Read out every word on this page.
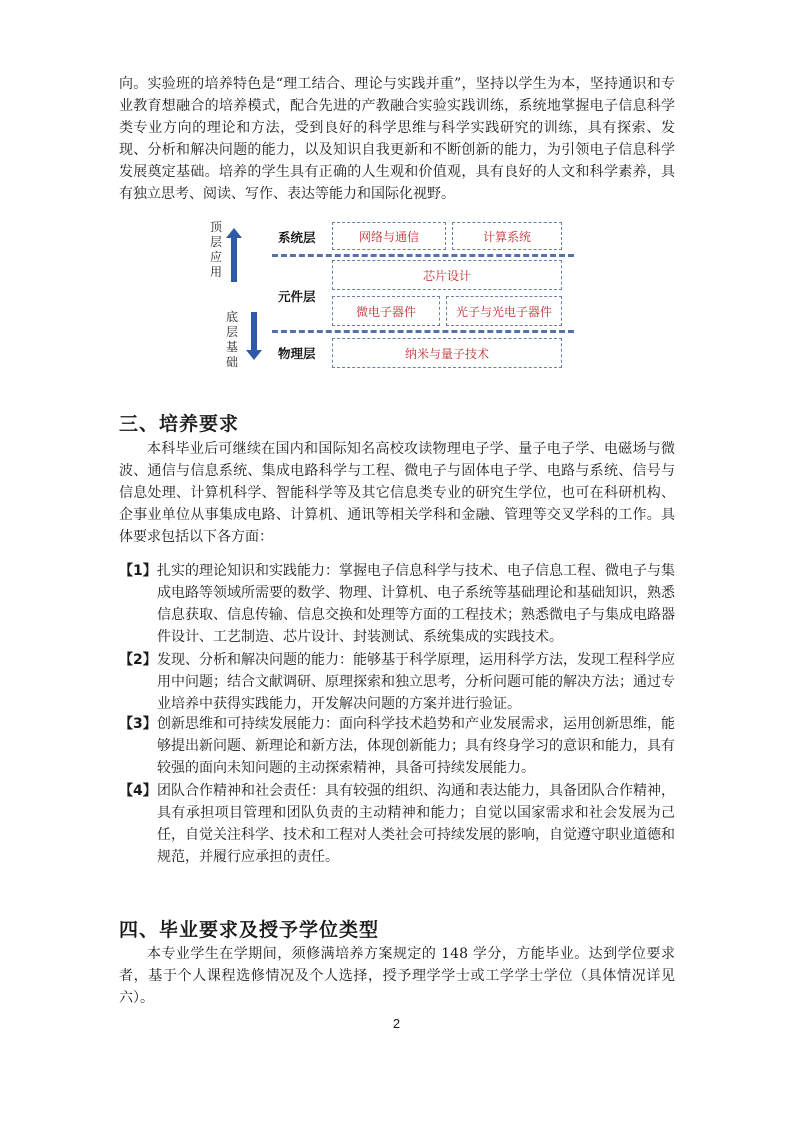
向。实验班的培养特色是“理工结合、理论与实践并重”，坚持以学生为本，坚持通识和专业教育想融合的培养模式，配合先进的产教融合实验实践训练，系统地掌握电子信息科学类专业方向的理论和方法，受到良好的科学思维与科学实践研究的训练，具有探索、发现、分析和解决问题的能力，以及知识自我更新和不断创新的能力，为引领电子信息科学发展奠定基础。培养的学生具有正确的人生观和价值观，具有良好的人文和科学素养，具有独立思考、阅读、写作、表达等能力和国际化视野。

顶层应用
底层基础
系统层
元件层
物理层
网络与通信	计算系统
芯片设计
微电子器件	光子与光电子器件
纳米与量子技术
三、培养要求

本科毕业后可继续在国内和国际知名高校攻读物理电子学、量子电子学、电磁场与微波、通信与信息系统、集成电路科学与工程、微电子与固体电子学、电路与系统、信号与信息处理、计算机科学、智能科学等及其它信息类专业的研究生学位，也可在科研机构、企事业单位从事集成电路、计算机、通讯等相关学科和金融、管理等交叉学科的工作。具体要求包括以下各方面：

【1】 扎实的理论知识和实践能力：掌握电子信息科学与技术、电子信息工程、微电子与集成电路等领域所需要的数学、物理、计算机、电子系统等基础理论和基础知识，熟悉信息获取、信息传输、信息交换和处理等方面的工程技术；熟悉微电子与集成电路器件设计、工艺制造、芯片设计、封装测试、系统集成的实践技术。
【2】 发现、分析和解决问题的能力：能够基于科学原理，运用科学方法，发现工程科学应用中问题；结合文献调研、原理探索和独立思考，分析问题可能的解决方法；通过专业培养中获得实践能力，开发解决问题的方案并进行验证。
【3】 创新思维和可持续发展能力：面向科学技术趋势和产业发展需求，运用创新思维，能够提出新问题、新理论和新方法，体现创新能力；具有终身学习的意识和能力，具有较强的面向未知问题的主动探索精神，具备可持续发展能力。
【4】 团队合作精神和社会责任：具有较强的组织、沟通和表达能力，具备团队合作精神，具有承担项目管理和团队负责的主动精神和能力；自觉以国家需求和社会发展为己任，自觉关注科学、技术和工程对人类社会可持续发展的影响，自觉遵守职业道德和规范，并履行应承担的责任。
四、毕业要求及授予学位类型

本专业学生在学期间，须修满培养方案规定的 148 学分，方能毕业。达到学位要求者，基于个人课程选修情况及个人选择，授予理学学士或工学学士学位（具体情况详见六）。

2
